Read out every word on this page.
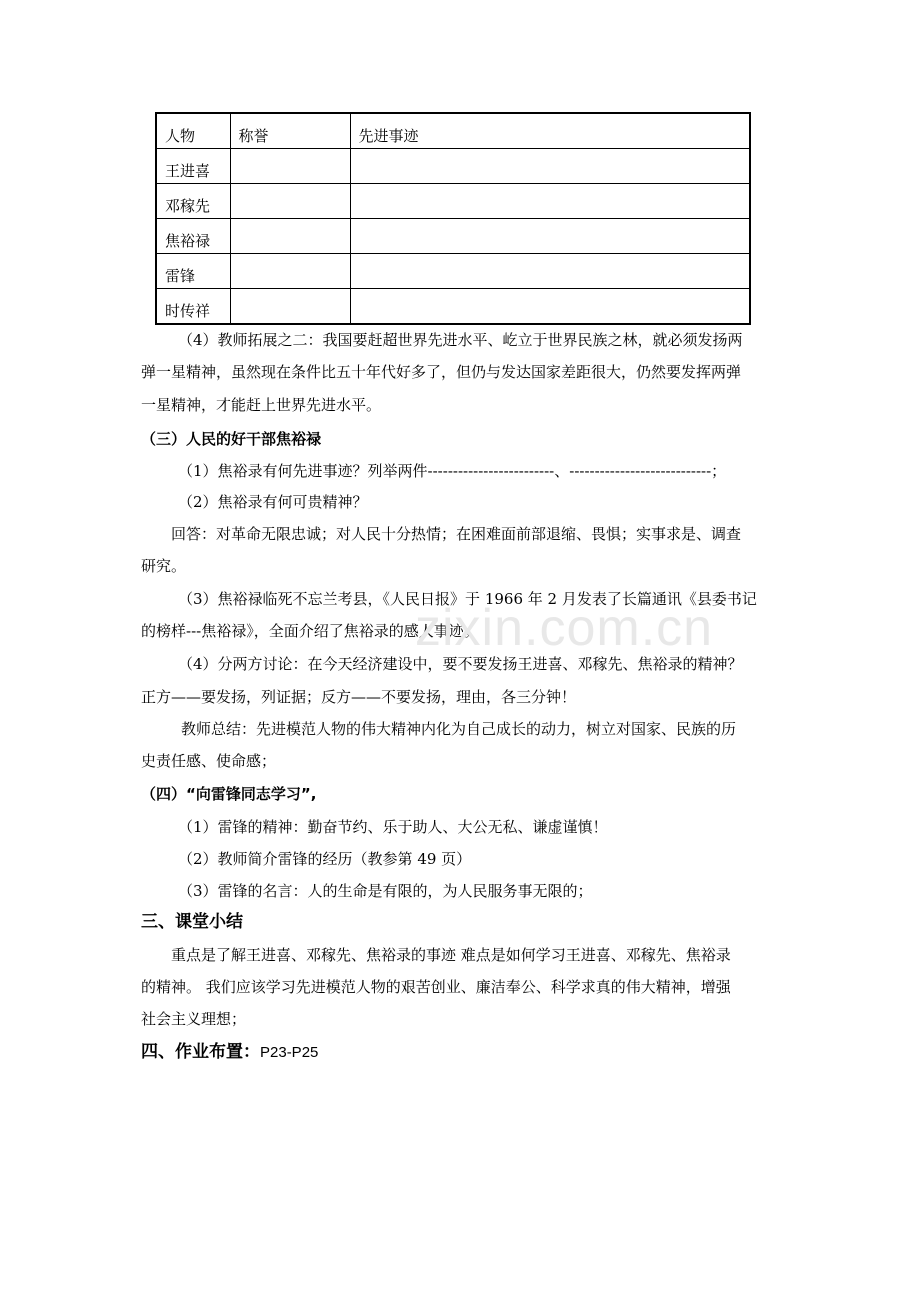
人物	称誉	先进事迹
王进喜		
邓稼先		
焦裕禄		
雷锋		
时传祥		
（4）教师拓展之二：我国要赶超世界先进水平、屹立于世界民族之林，就必须发扬两
弹一星精神，虽然现在条件比五十年代好多了，但仍与发达国家差距很大，仍然要发挥两弹
一星精神，才能赶上世界先进水平。
（三）人民的好干部焦裕禄
（1）焦裕录有何先进事迹？列举两件-------------------------、----------------------------；
（2）焦裕录有何可贵精神？
回答：对革命无限忠诚；对人民十分热情；在困难面前部退缩、畏惧；实事求是、调查
研究。
（3）焦裕禄临死不忘兰考县，《人民日报》于 1966 年 2 月发表了长篇通讯《县委书记
的榜样---焦裕禄》，全面介绍了焦裕录的感人事迹。
（4）分两方讨论：在今天经济建设中，要不要发扬王进喜、邓稼先、焦裕录的精神？
正方——要发扬，列证据；反方——不要发扬，理由，各三分钟！
教师总结：先进模范人物的伟大精神内化为自己成长的动力，树立对国家、民族的历
史责任感、使命感；
（四）“向雷锋同志学习”,
（1）雷锋的精神：勤奋节约、乐于助人、大公无私、谦虚谨慎！
（2）教师简介雷锋的经历（教参第 49 页）
（3）雷锋的名言：人的生命是有限的，为人民服务事无限的；
三、课堂小结
重点是了解王进喜、邓稼先、焦裕录的事迹 难点是如何学习王进喜、邓稼先、焦裕录
的精神。 我们应该学习先进模范人物的艰苦创业、廉洁奉公、科学求真的伟大精神，增强
社会主义理想；
四、作业布置：P23-P25
zixin.com.cn
